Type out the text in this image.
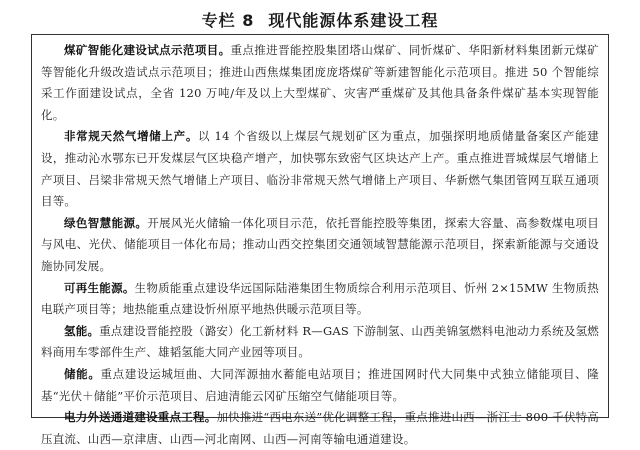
专栏 8 现代能源体系建设工程

煤矿智能化建设试点示范项目。重点推进晋能控股集团塔山煤矿、同忻煤矿、华阳新材料集团新元煤矿等智能化升级改造试点示范项目；推进山西焦煤集团庞庞塔煤矿等新建智能化示范项目。推进 50 个智能综采工作面建设试点，全省 120 万吨/年及以上大型煤矿、灾害严重煤矿及其他具备条件煤矿基本实现智能化。

非常规天然气增储上产。以 14 个省级以上煤层气规划矿区为重点，加强探明地质储量备案区产能建设，推动沁水鄂东已开发煤层气区块稳产增产，加快鄂东致密气区块达产上产。重点推进晋城煤层气增储上产项目、吕梁非常规天然气增储上产项目、临汾非常规天然气增储上产项目、华新燃气集团管网互联互通项目等。

绿色智慧能源。开展风光火储输一体化项目示范，依托晋能控股等集团，探索大容量、高参数煤电项目与风电、光伏、储能项目一体化布局；推动山西交控集团交通领域智慧能源示范项目，探索新能源与交通设施协同发展。

可再生能源。生物质能重点建设华远国际陆港集团生物质综合利用示范项目、忻州 2×15MW 生物质热电联产项目等；地热能重点建设忻州原平地热供暖示范项目等。

氢能。重点建设晋能控股（潞安）化工新材料 R—GAS 下游制氢、山西美锦氢燃料电池动力系统及氢燃料商用车零部件生产、雄韬氢能大同产业园等项目。

储能。重点建设运城垣曲、大同浑源抽水蓄能电站项目；推进国网时代大同集中式独立储能项目、隆基“光伏＋储能”平价示范项目、启迪清能云冈矿压缩空气储能项目等。

电力外送通道建设重点工程。加快推进“西电东送”优化调整工程，重点推进山西—浙江士 800 千伏特高压直流、山西—京津唐、山西—河北南网、山西—河南等输电通道建设。
